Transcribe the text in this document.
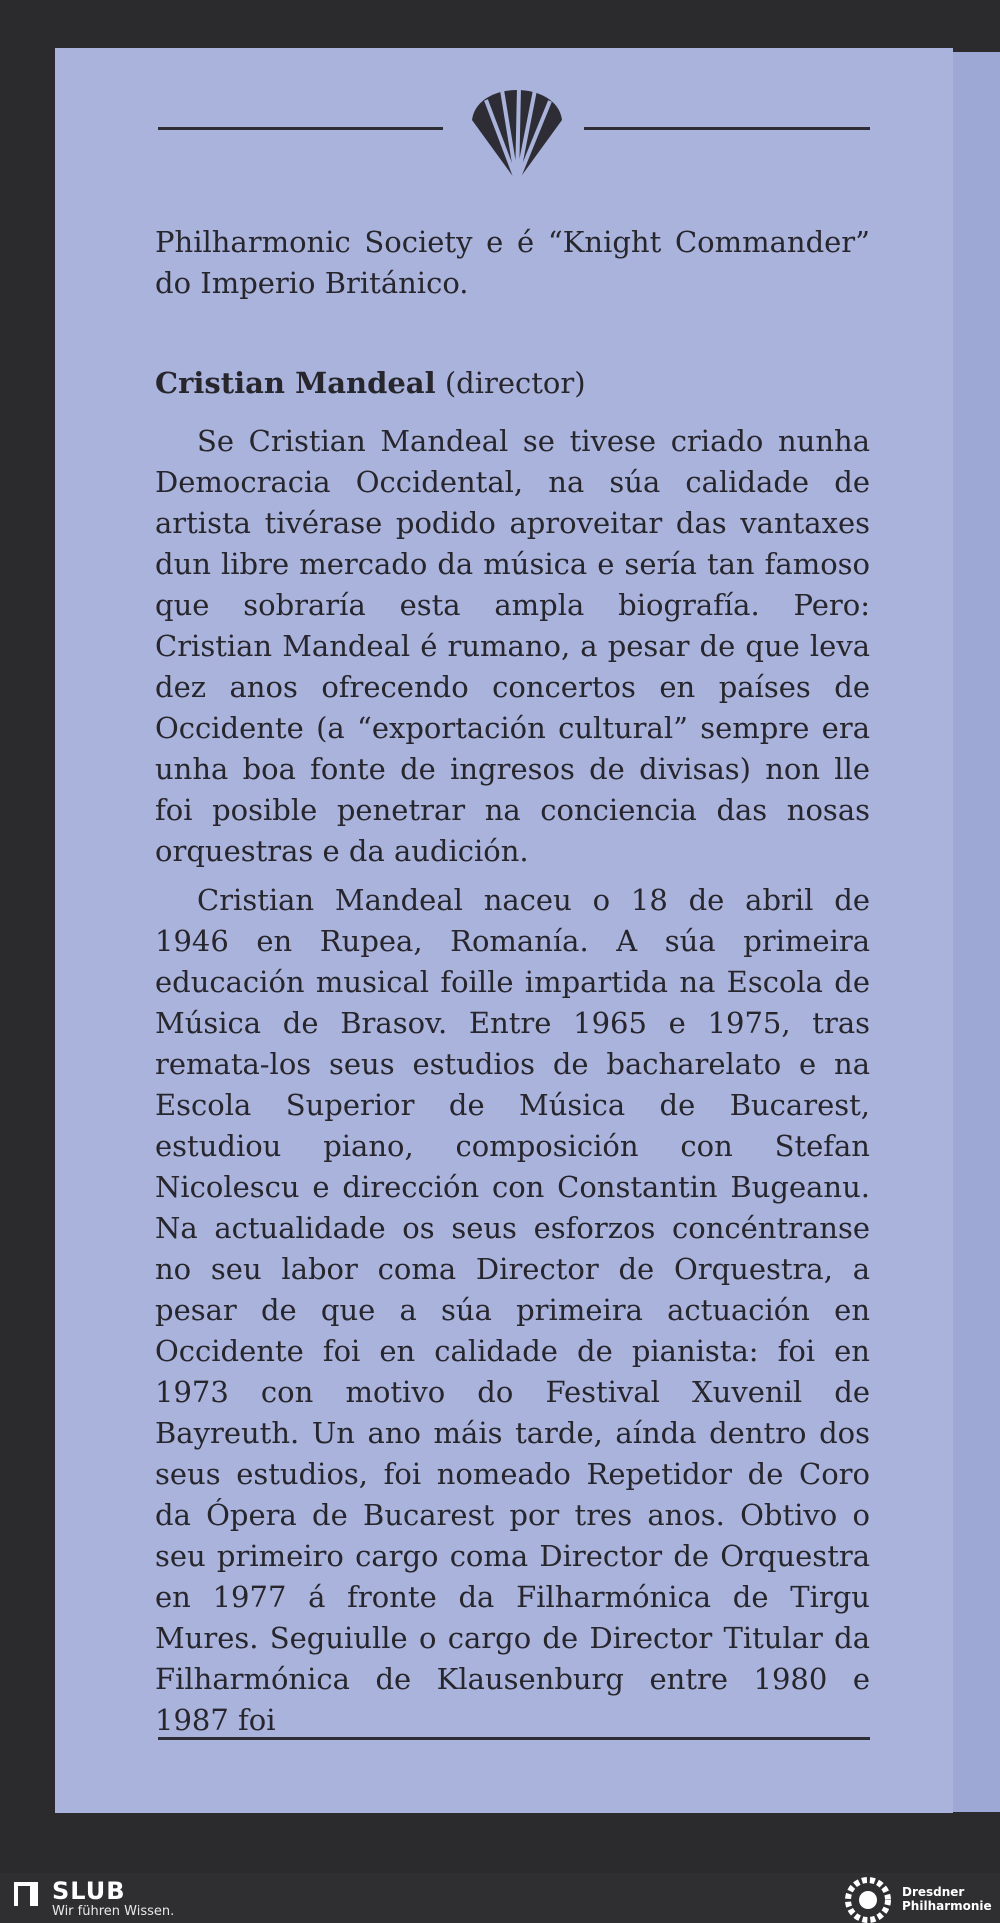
Philharmonic Society e é “Knight Commander” do Imperio Británico.

Cristian Mandeal (director)

Se Cristian Mandeal se tivese criado nunha Democracia Occidental, na súa calidade de artista tivérase podido aproveitar das vantaxes dun libre mercado da música e sería tan famoso que sobraría esta ampla biografía. Pero: Cristian Mandeal é rumano, a pesar de que leva dez anos ofrecendo concertos en países de Occidente (a “exportación cultural” sempre era unha boa fonte de ingresos de divisas) non lle foi posible penetrar na conciencia das nosas orquestras e da audición.

Cristian Mandeal naceu o 18 de abril de 1946 en Rupea, Romanía. A súa primeira educación musical foille impartida na Escola de Música de Brasov. Entre 1965 e 1975, tras remata-los seus estudios de bacharelato e na Escola Superior de Música de Bucarest, estudiou piano, composición con Stefan Nicolescu e dirección con Constantin Bugeanu. Na actualidade os seus esforzos concéntranse no seu labor coma Director de Orquestra, a pesar de que a súa primeira actuación en Occidente foi en calidade de pianista: foi en 1973 con motivo do Festival Xuvenil de Bayreuth. Un ano máis tarde, aínda dentro dos seus estudios, foi nomeado Repetidor de Coro da Ópera de Bucarest por tres anos. Obtivo o seu primeiro cargo coma Director de Orquestra en 1977 á fronte da Filharmónica de Tirgu Mures. Seguiulle o cargo de Director Titular da Filharmónica de Klausenburg entre 1980 e 1987 foi

SLUB
Wir führen Wissen.
Dresdner
Philharmonie
